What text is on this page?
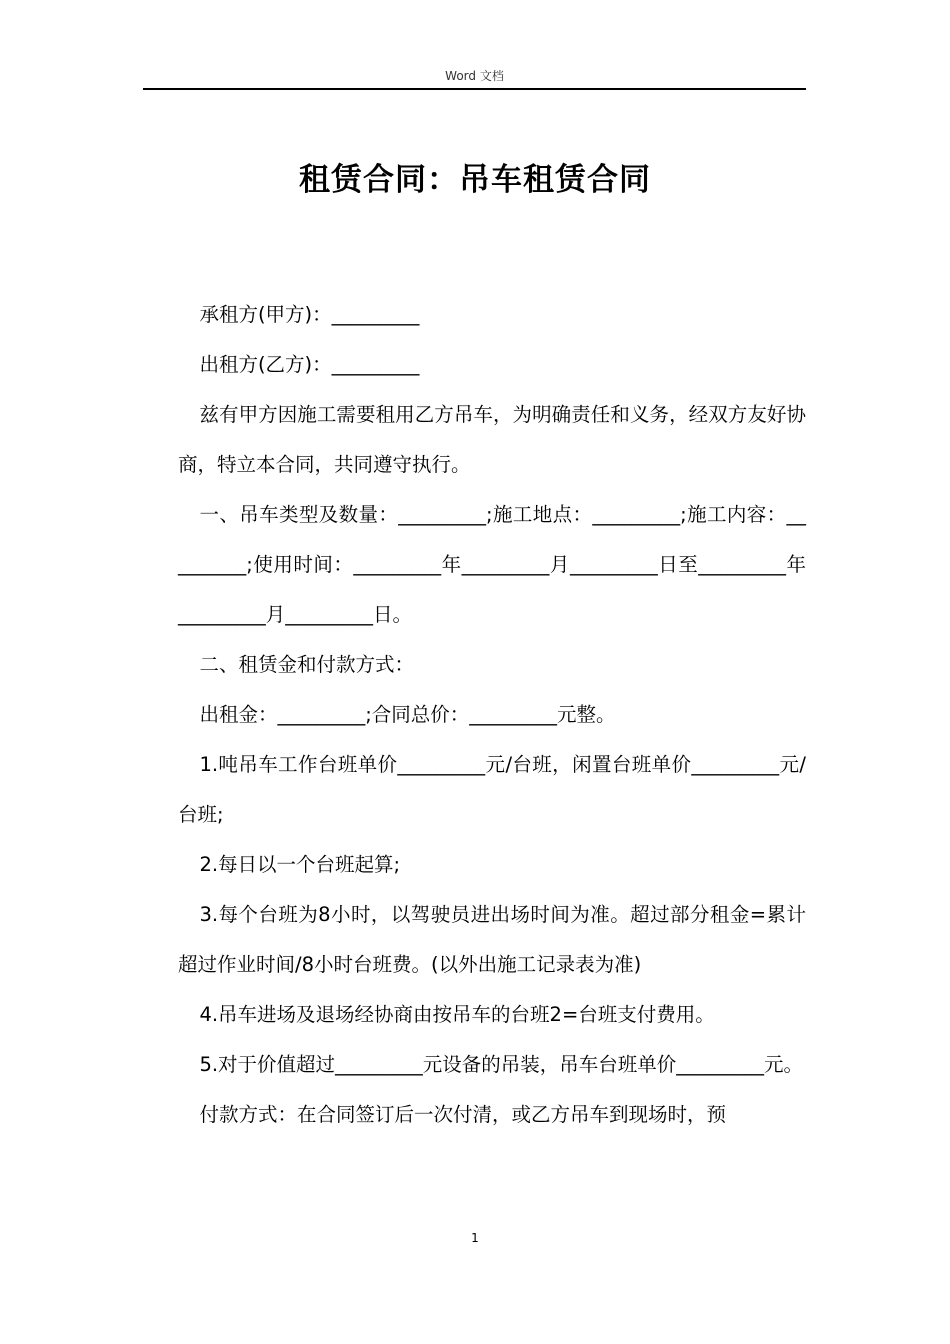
Word 文档
租赁合同：吊车租赁合同

承租方(甲方)：_________

出租方(乙方)：_________

兹有甲方因施工需要租用乙方吊车，为明确责任和义务，经双方友好协商，特立本合同，共同遵守执行。

一、吊车类型及数量：_________;施工地点：_________;施工内容：_________;使用时间：_________年_________月_________日至_________年_________月_________日。

二、租赁金和付款方式：

出租金：_________;合同总价：_________元整。

1.吨吊车工作台班单价_________元/台班，闲置台班单价_________元/台班;

2.每日以一个台班起算;

3.每个台班为8小时，以驾驶员进出场时间为准。超过部分租金=累计超过作业时间/8小时台班费。(以外出施工记录表为准)

4.吊车进场及退场经协商由按吊车的台班2=台班支付费用。

5.对于价值超过_________元设备的吊装，吊车台班单价_________元。

付款方式：在合同签订后一次付清，或乙方吊车到现场时，预

1
